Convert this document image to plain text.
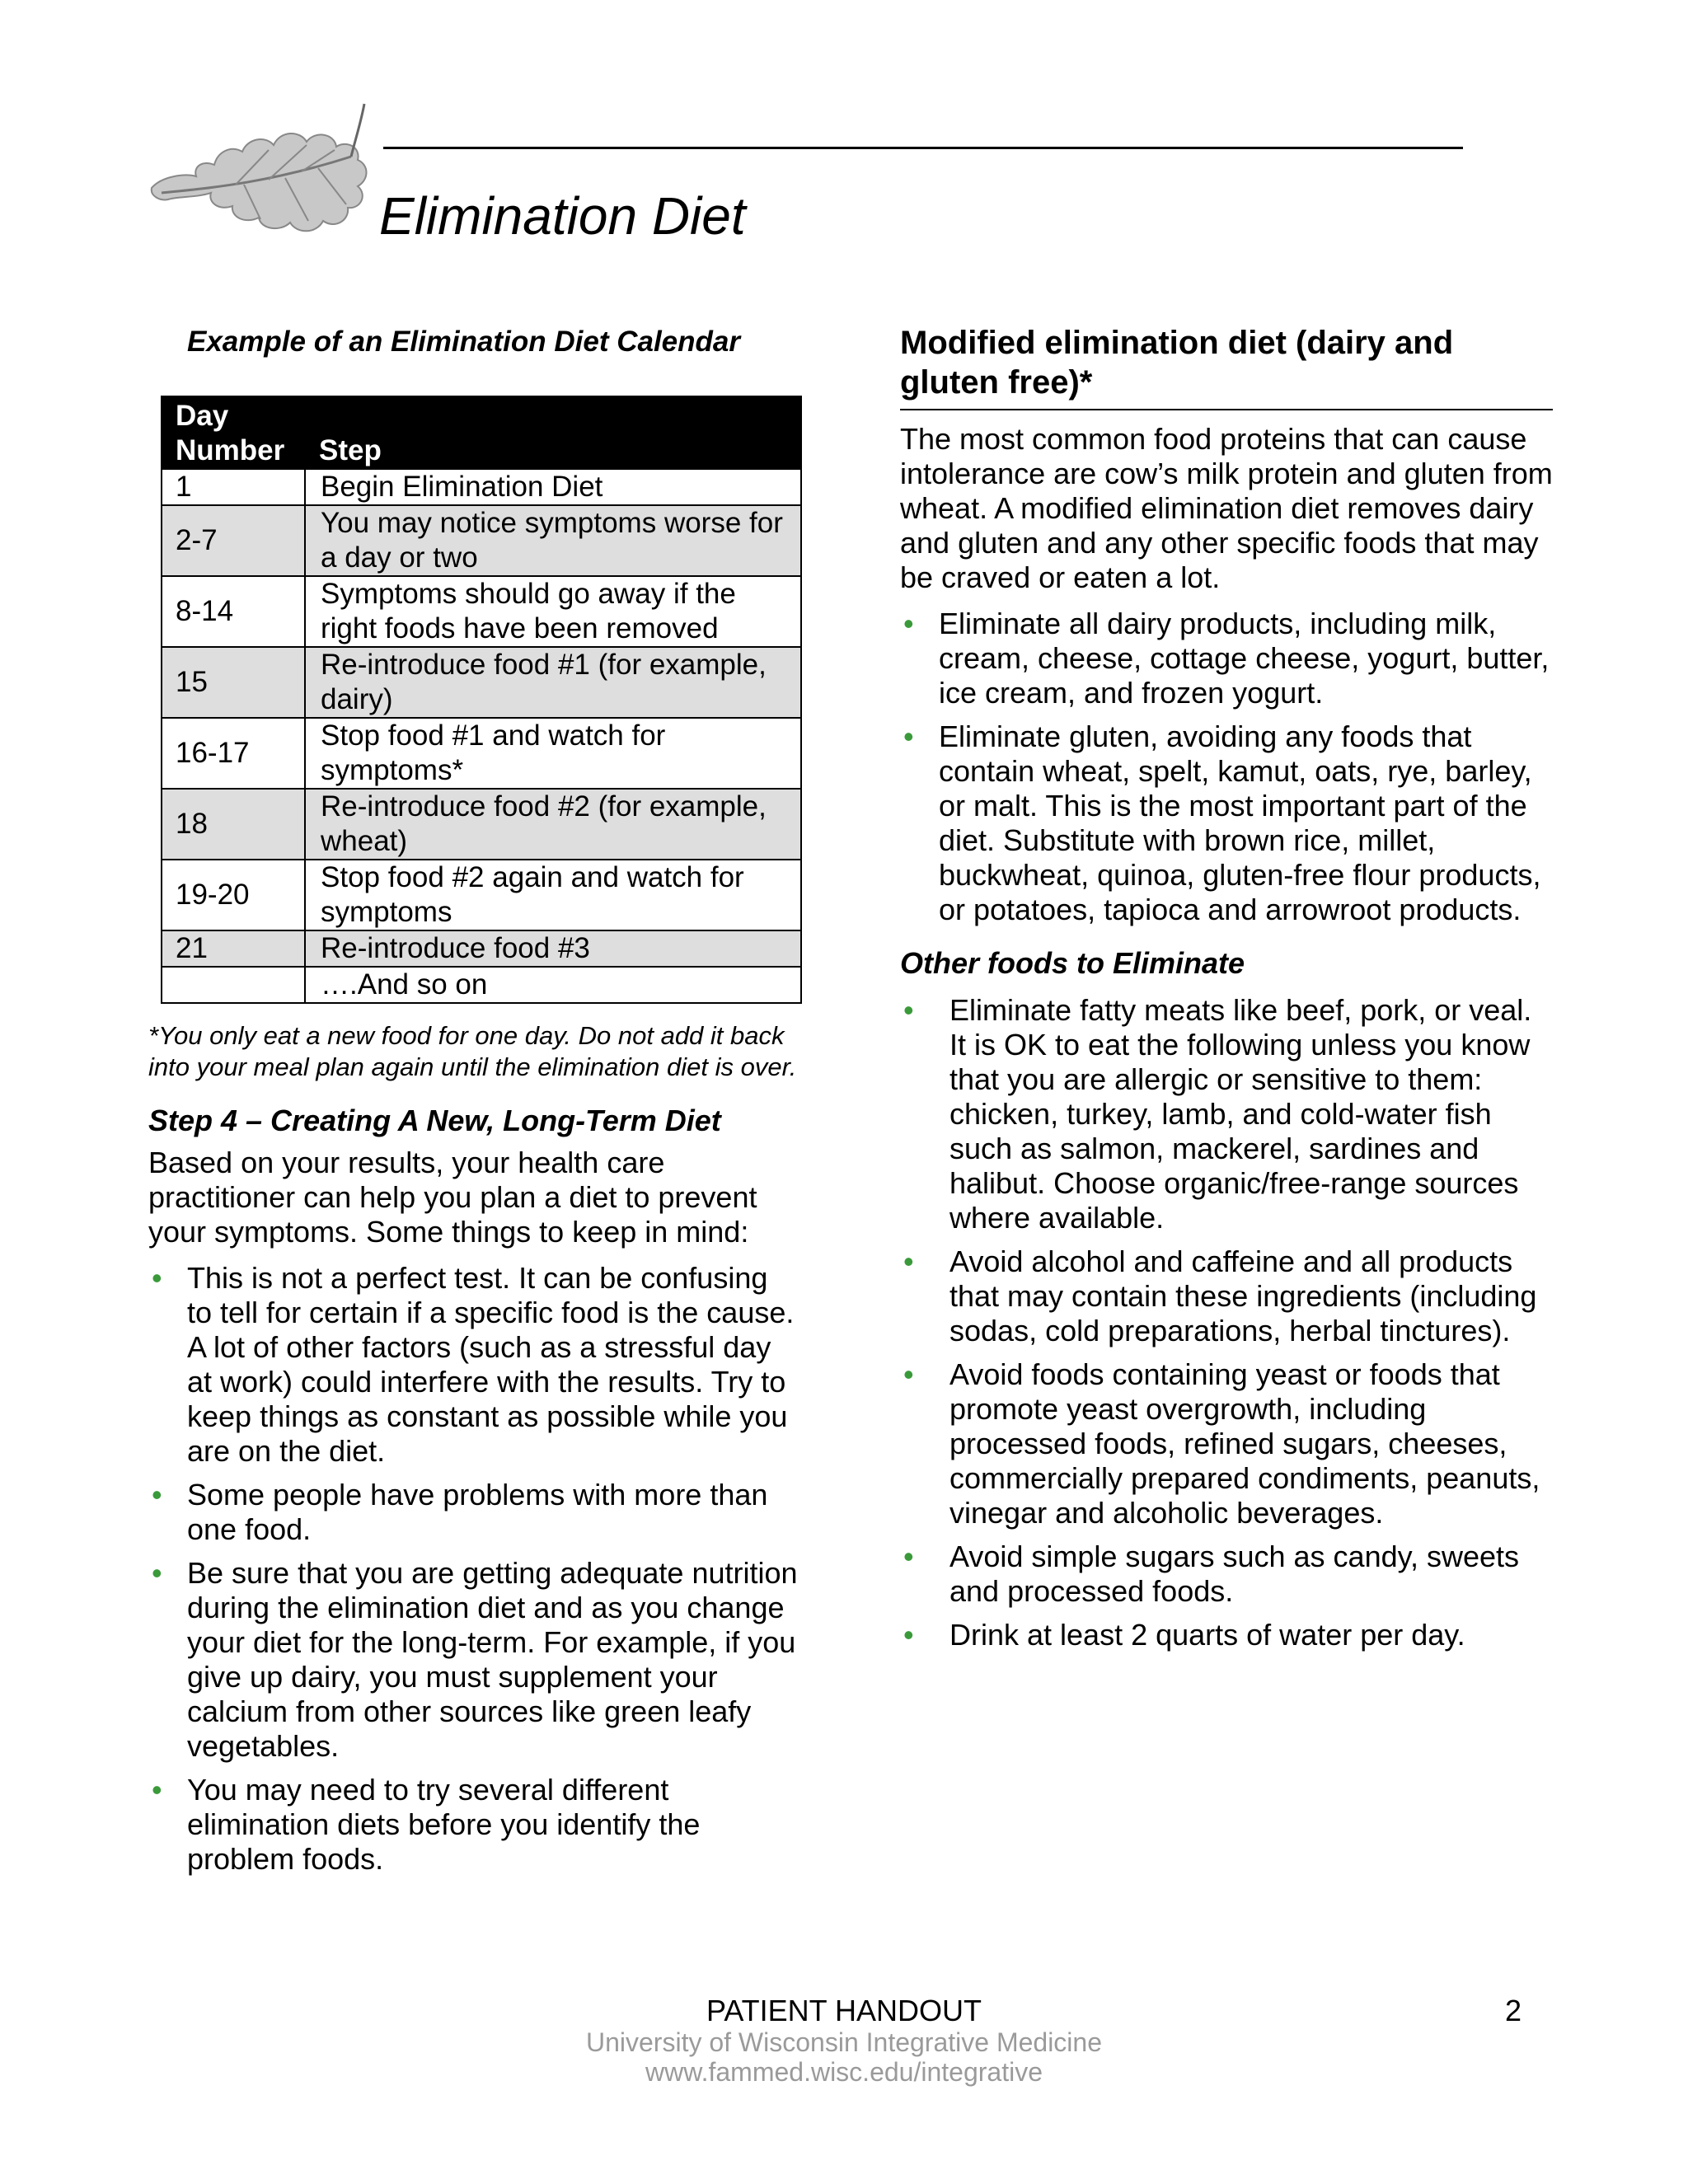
Elimination Diet
Example of an Elimination Diet Calendar
Day Number	Step
1	Begin Elimination Diet
2-7	You may notice symptoms worse for a day or two
8-14	Symptoms should go away if the right foods have been removed
15	Re-introduce food #1 (for example, dairy)
16-17	Stop food #1 and watch for symptoms*
18	Re-introduce food #2 (for example, wheat)
19-20	Stop food #2 again and watch for symptoms
21	Re-introduce food #3
	….And so on

*You only eat a new food for one day. Do not add it back into your meal plan again until the elimination diet is over.

Step 4 – Creating A New, Long-Term Diet

Based on your results, your health care practitioner can help you plan a diet to prevent your symptoms. Some things to keep in mind:

• This is not a perfect test. It can be confusing to tell for certain if a specific food is the cause. A lot of other factors (such as a stressful day at work) could interfere with the results. Try to keep things as constant as possible while you are on the diet.
• Some people have problems with more than one food.
• Be sure that you are getting adequate nutrition during the elimination diet and as you change your diet for the long-term. For example, if you give up dairy, you must supplement your calcium from other sources like green leafy vegetables.
• You may need to try several different elimination diets before you identify the problem foods.
Modified elimination diet (dairy and gluten free)*

The most common food proteins that can cause intolerance are cow’s milk protein and gluten from wheat. A modified elimination diet removes dairy and gluten and any other specific foods that may be craved or eaten a lot.

• Eliminate all dairy products, including milk, cream, cheese, cottage cheese, yogurt, butter, ice cream, and frozen yogurt.
• Eliminate gluten, avoiding any foods that contain wheat, spelt, kamut, oats, rye, barley, or malt. This is the most important part of the diet. Substitute with brown rice, millet, buckwheat, quinoa, gluten-free flour products, or potatoes, tapioca and arrowroot products.
Other foods to Eliminate
• Eliminate fatty meats like beef, pork, or veal. It is OK to eat the following unless you know that you are allergic or sensitive to them: chicken, turkey, lamb, and cold-water fish such as salmon, mackerel, sardines and halibut. Choose organic/free-range sources where available.
• Avoid alcohol and caffeine and all products that may contain these ingredients (including sodas, cold preparations, herbal tinctures).
• Avoid foods containing yeast or foods that promote yeast overgrowth, including processed foods, refined sugars, cheeses, commercially prepared condiments, peanuts, vinegar and alcoholic beverages.
• Avoid simple sugars such as candy, sweets and processed foods.
• Drink at least 2 quarts of water per day.

PATIENT HANDOUT	2
University of Wisconsin Integrative Medicine
www.fammed.wisc.edu/integrative
